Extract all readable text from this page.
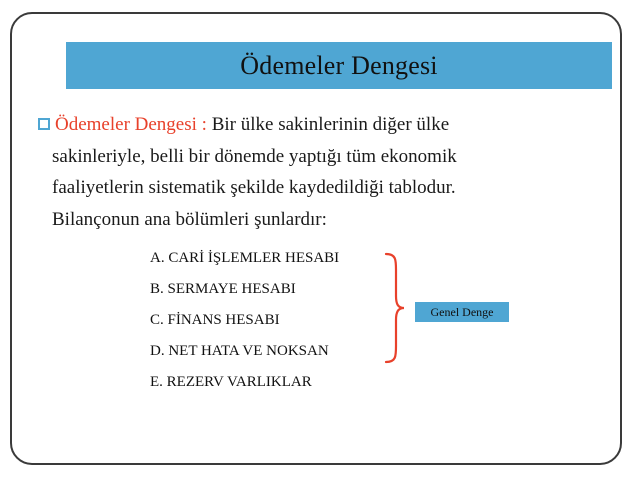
Ödemeler Dengesi
Ödemeler Dengesi : Bir ülke sakinlerinin diğer ülke
sakinleriyle, belli bir dönemde yaptığı tüm ekonomik
faaliyetlerin sistematik şekilde kaydedildiği tablodur.
Bilançonun ana bölümleri şunlardır:
A. CARİ İŞLEMLER HESABI
B. SERMAYE HESABI
C. FİNANS HESABI
D. NET HATA VE NOKSAN
E. REZERV VARLIKLAR
Genel Denge
